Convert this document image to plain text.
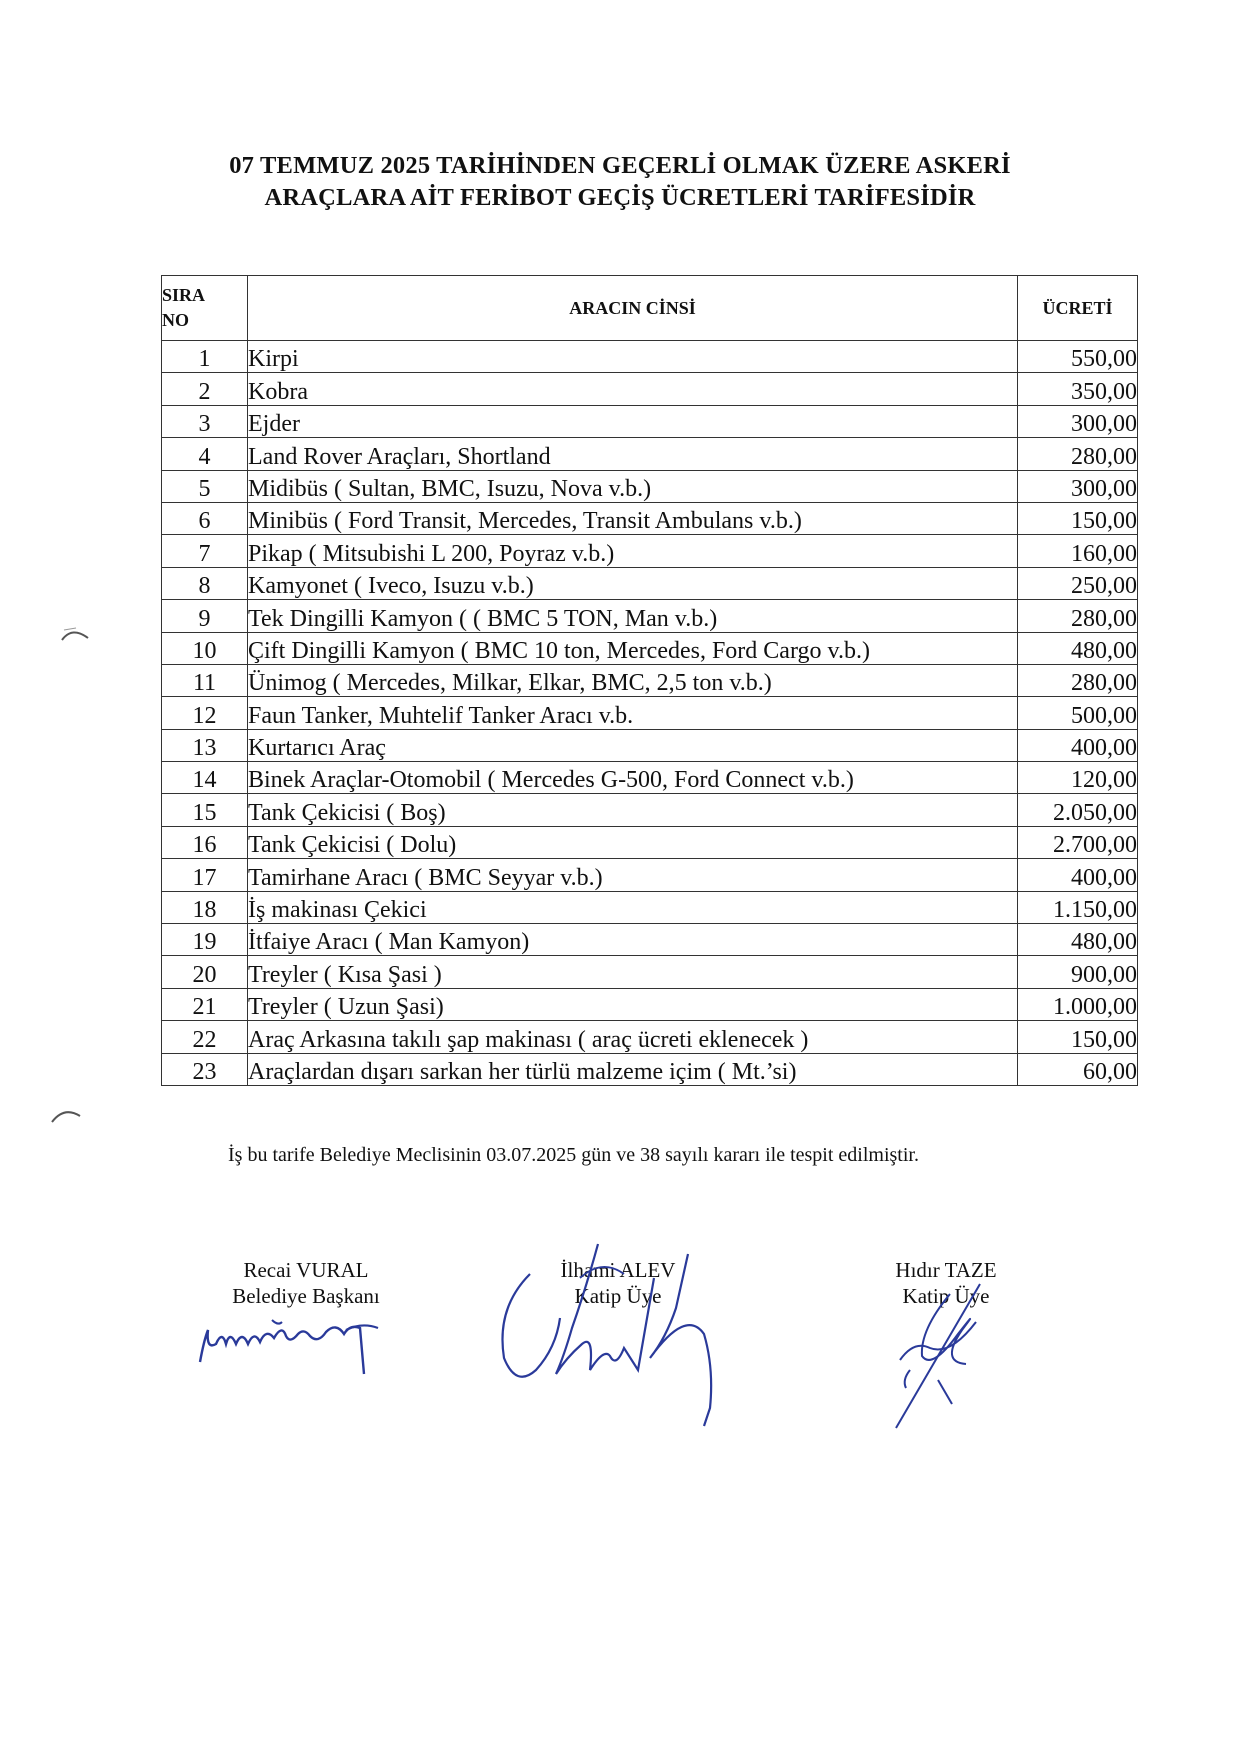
07 TEMMUZ 2025 TARİHİNDEN GEÇERLİ OLMAK ÜZERE ASKERİ
ARAÇLARA AİT FERİBOT GEÇİŞ ÜCRETLERİ TARİFESİDİR
SIRA
NO	ARACIN CİNSİ	ÜCRETİ
1	Kirpi	550,00
2	Kobra	350,00
3	Ejder	300,00
4	Land Rover Araçları, Shortland	280,00
5	Midibüs ( Sultan, BMC, Isuzu, Nova v.b.)	300,00
6	Minibüs ( Ford Transit, Mercedes, Transit Ambulans v.b.)	150,00
7	Pikap ( Mitsubishi L 200, Poyraz v.b.)	160,00
8	Kamyonet ( Iveco, Isuzu v.b.)	250,00
9	Tek Dingilli Kamyon ( ( BMC 5 TON, Man v.b.)	280,00
10	Çift Dingilli Kamyon ( BMC 10 ton, Mercedes, Ford Cargo v.b.)	480,00
11	Ünimog ( Mercedes, Milkar, Elkar, BMC, 2,5 ton v.b.)	280,00
12	Faun Tanker, Muhtelif Tanker Aracı v.b.	500,00
13	Kurtarıcı Araç	400,00
14	Binek Araçlar-Otomobil ( Mercedes G-500, Ford Connect v.b.)	120,00
15	Tank Çekicisi ( Boş)	2.050,00
16	Tank Çekicisi ( Dolu)	2.700,00
17	Tamirhane Aracı ( BMC Seyyar v.b.)	400,00
18	İş makinası Çekici	1.150,00
19	İtfaiye Aracı ( Man Kamyon)	480,00
20	Treyler ( Kısa Şasi )	900,00
21	Treyler ( Uzun Şasi)	1.000,00
22	Araç Arkasına takılı şap makinası ( araç ücreti eklenecek )	150,00
23	Araçlardan dışarı sarkan her türlü malzeme içim ( Mt.’si)	60,00
İş bu tarife Belediye Meclisinin 03.07.2025 gün ve 38 sayılı kararı ile tespit edilmiştir.
Recai VURAL
Belediye Başkanı
İlhami ALEV
Katip Üye
Hıdır TAZE
Katip Üye
